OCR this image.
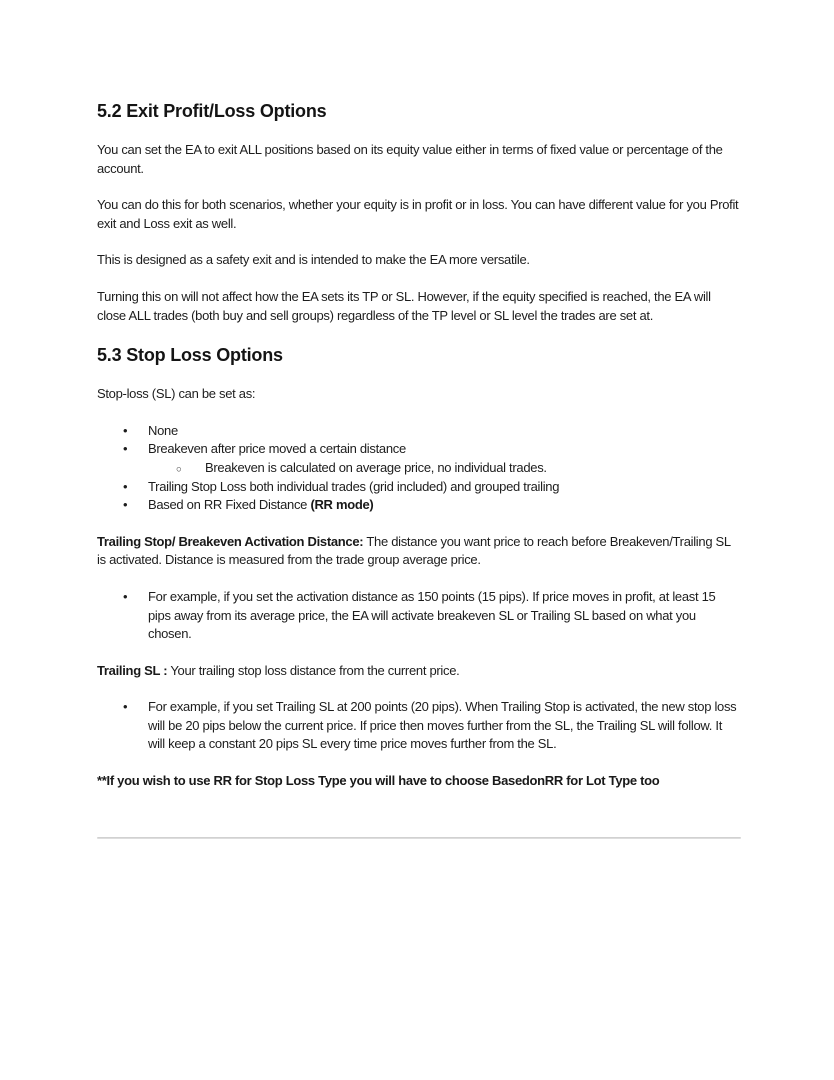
5.2 Exit Profit/Loss Options

You can set the EA to exit ALL positions based on its equity value either in terms of fixed value or percentage of the account.

You can do this for both scenarios, whether your equity is in profit or in loss. You can have different value for you Profit exit and Loss exit as well.

This is designed as a safety exit and is intended to make the EA more versatile.

Turning this on will not affect how the EA sets its TP or SL. However, if the equity specified is reached, the EA will close ALL trades (both buy and sell groups) regardless of the TP level or SL level the trades are set at.

5.3 Stop Loss Options

Stop-loss (SL) can be set as:

• None
• Breakeven after price moved a certain distance
○ Breakeven is calculated on average price, no individual trades.
• Trailing Stop Loss both individual trades (grid included) and grouped trailing
• Based on RR Fixed Distance (RR mode)

Trailing Stop/ Breakeven Activation Distance: The distance you want price to reach before Breakeven/Trailing SL is activated. Distance is measured from the trade group average price.

• For example, if you set the activation distance as 150 points (15 pips). If price moves in profit, at least 15 pips away from its average price, the EA will activate breakeven SL or Trailing SL based on what you chosen.

Trailing SL : Your trailing stop loss distance from the current price.

• For example, if you set Trailing SL at 200 points (20 pips). When Trailing Stop is activated, the new stop loss will be 20 pips below the current price. If price then moves further from the SL, the Trailing SL will follow. It will keep a constant 20 pips SL every time price moves further from the SL.

**If you wish to use RR for Stop Loss Type you will have to choose BasedonRR for Lot Type too
